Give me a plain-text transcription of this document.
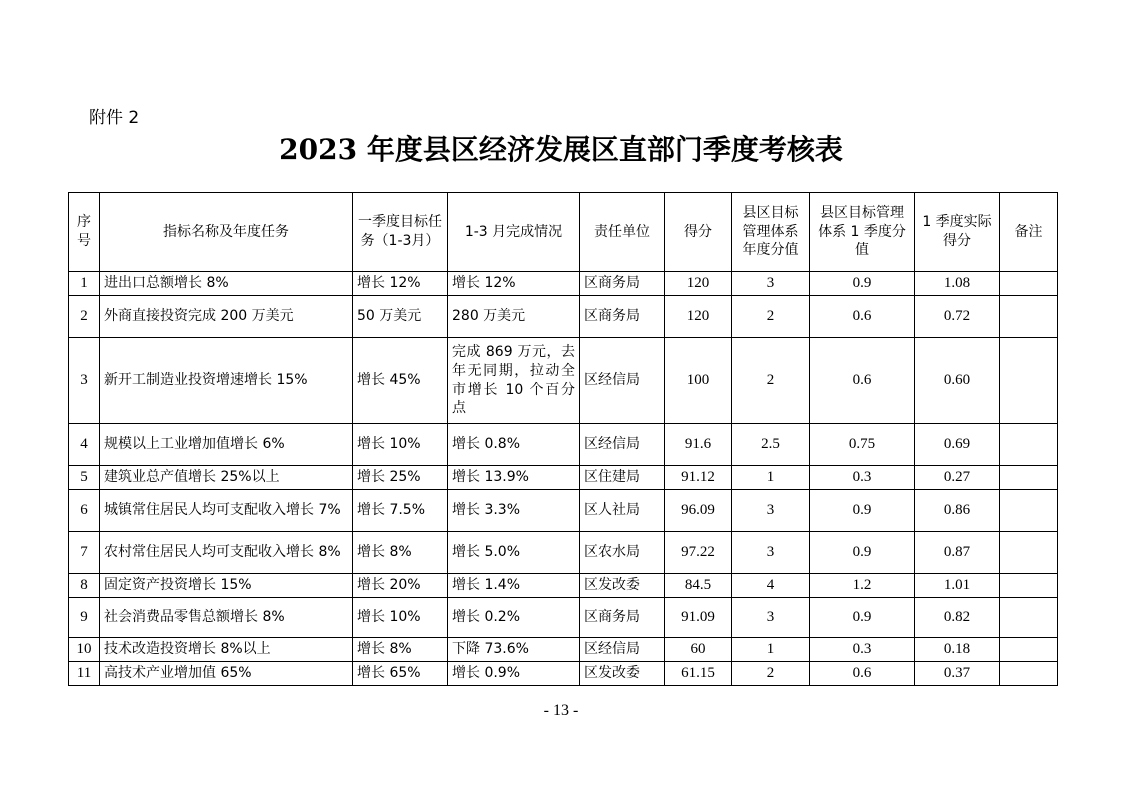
附件 2
2023 年度县区经济发展区直部门季度考核表
序号	指标名称及年度任务	一季度目标任务（1-3月）	1-3 月完成情况	责任单位	得分	县区目标管理体系年度分值	县区目标管理体系 1 季度分值	1 季度实际得分	备注
1	进出口总额增长 8%	增长 12%	增长 12%	区商务局	120	3	0.9	1.08	
2	外商直接投资完成 200 万美元	50 万美元	280 万美元	区商务局	120	2	0.6	0.72	
3	新开工制造业投资增速增长 15%	增长 45%	完成 869 万元，去年无同期，拉动全市增长 10 个百分点	区经信局	100	2	0.6	0.60	
4	规模以上工业增加值增长 6%	增长 10%	增长 0.8%	区经信局	91.6	2.5	0.75	0.69	
5	建筑业总产值增长 25%以上	增长 25%	增长 13.9%	区住建局	91.12	1	0.3	0.27	
6	城镇常住居民人均可支配收入增长 7%	增长 7.5%	增长 3.3%	区人社局	96.09	3	0.9	0.86	
7	农村常住居民人均可支配收入增长 8%	增长 8%	增长 5.0%	区农水局	97.22	3	0.9	0.87	
8	固定资产投资增长 15%	增长 20%	增长 1.4%	区发改委	84.5	4	1.2	1.01	
9	社会消费品零售总额增长 8%	增长 10%	增长 0.2%	区商务局	91.09	3	0.9	0.82	
10	技术改造投资增长 8%以上	增长 8%	下降 73.6%	区经信局	60	1	0.3	0.18	
11	高技术产业增加值 65%	增长 65%	增长 0.9%	区发改委	61.15	2	0.6	0.37	
- 13 -
